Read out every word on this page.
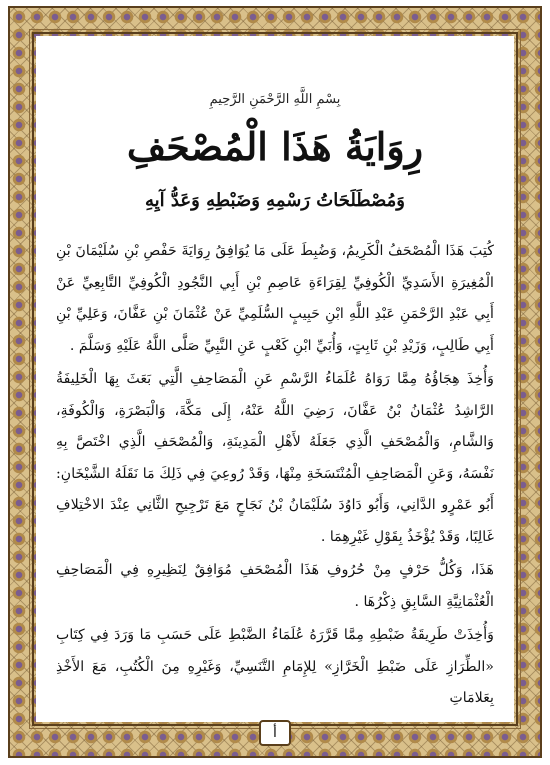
بِسْمِ اللَّهِ الرَّحْمَنِ الرَّحِيمِ
رِوَايَةُ هَذَا الْمُصْحَفِ
وَمُصْطَلَحَاتُ رَسْمِهِ وَضَبْطِهِ وَعَدُّ آيِهِ

كُتِبَ هَذَا الْمُصْحَفُ الْكَرِيمُ، وَضُبِطَ عَلَى مَا يُوَافِقُ رِوَايَةَ حَفْصِ بْنِ سُلَيْمَانَ بْنِ الْمُغِيرَةِ الأَسَدِيِّ الْكُوفِيِّ لِقِرَاءَةِ عَاصِمِ بْنِ أَبِي النَّجُودِ الْكُوفِيِّ التَّابِعِيِّ عَنْ أَبِي عَبْدِ الرَّحْمَنِ عَبْدِ اللَّهِ ابْنِ حَبِيبٍ السُّلَمِيِّ عَنْ عُثْمَانَ بْنِ عَفَّانَ، وَعَلِيِّ بْنِ أَبِي طَالِبٍ، وَزَيْدِ بْنِ ثَابِتٍ، وَأُبَيِّ ابْنِ كَعْبٍ عَنِ النَّبِيِّ صَلَّى اللَّهُ عَلَيْهِ وَسَلَّمَ .

وَأُخِذَ هِجَاؤُهُ مِمَّا رَوَاهُ عُلَمَاءُ الرَّسْمِ عَنِ الْمَصَاحِفِ الَّتِي بَعَثَ بِهَا الْخَلِيفَةُ الرَّاشِدُ عُثْمَانُ بْنُ عَفَّانَ، رَضِيَ اللَّهُ عَنْهُ، إِلَى مَكَّةَ، وَالْبَصْرَةِ، وَالْكُوفَةِ، وَالشَّامِ، وَالْمُصْحَفِ الَّذِي جَعَلَهُ لأَهْلِ الْمَدِينَةِ، وَالْمُصْحَفِ الَّذِي اخْتَصَّ بِهِ نَفْسَهُ، وَعَنِ الْمَصَاحِفِ الْمُنْتَسَخَةِ مِنْهَا، وَقَدْ رُوعِيَ فِي ذَلِكَ مَا نَقَلَهُ الشَّيْخَانِ: أَبُو عَمْرٍو الدَّانِي، وَأَبُو دَاوُدَ سُلَيْمَانُ بْنُ نَجَاحٍ مَعَ تَرْجِيحِ الثَّانِي عِنْدَ الاخْتِلافِ غَالِبًا، وَقَدْ يُؤْخَذُ بِقَوْلِ غَيْرِهِمَا .

هَذَا، وَكُلُّ حَرْفٍ مِنْ حُرُوفِ هَذَا الْمُصْحَفِ مُوَافِقٌ لِنَظِيرِهِ فِي الْمَصَاحِفِ الْعُثْمَانِيَّةِ السَّابِقِ ذِكْرُهَا .

وَأُخِذَتْ طَرِيقَةُ ضَبْطِهِ مِمَّا قَرَّرَهُ عُلَمَاءُ الضَّبْطِ عَلَى حَسَبِ مَا وَرَدَ فِي كِتَابِ «الطِّرَازِ عَلَى ضَبْطِ الْخَرَّازِ» لِلإِمَامِ التَّنَسِيِّ، وَغَيْرِهِ مِنَ الْكُتُبِ، مَعَ الأَخْذِ بِعَلامَاتِ

أ
